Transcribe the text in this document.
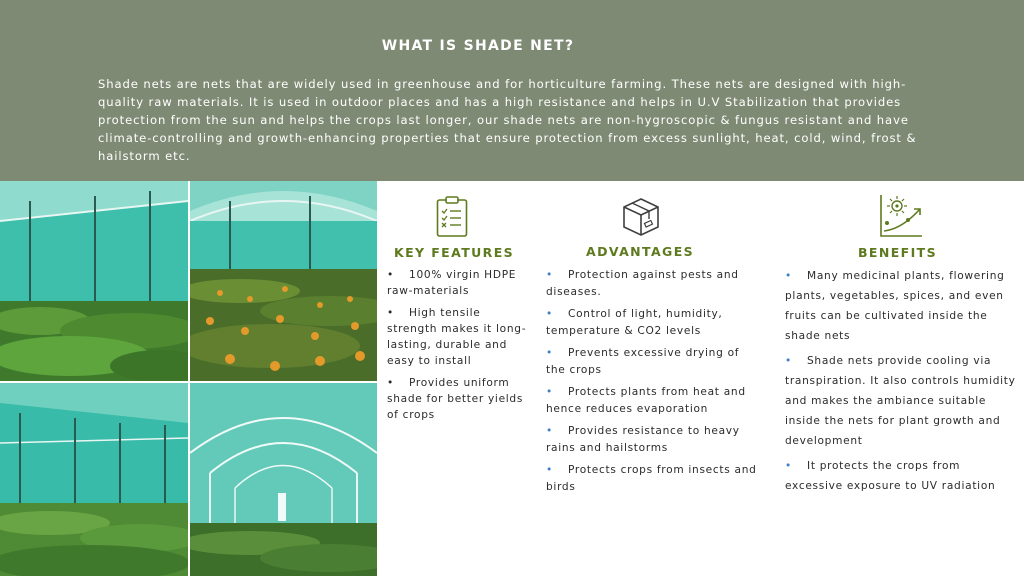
WHAT IS SHADE NET?

Shade nets are nets that are widely used in greenhouse and for horticulture farming. These nets are designed with high-quality raw materials. It is used in outdoor places and has a high resistance and helps in U.V Stabilization that provides protection from the sun and helps the crops last longer, our shade nets are non-hygroscopic & fungus resistant and have climate-controlling and growth-enhancing properties that ensure protection from excess sunlight, heat, cold, wind, frost & hailstorm etc.

KEY FEATURES
• 100% virgin HDPE raw-materials
• High tensile strength makes it long-lasting, durable and easy to install
• Provides uniform shade for better yields of crops
ADVANTAGES
• Protection against pests and diseases.
• Control of light, humidity, temperature & CO2 levels
• Prevents excessive drying of the crops
• Protects plants from heat and hence reduces evaporation
• Provides resistance to heavy rains and hailstorms
• Protects crops from insects and birds
BENEFITS
• Many medicinal plants, flowering plants, vegetables, spices, and even fruits can be cultivated inside the shade nets
• Shade nets provide cooling via transpiration. It also controls humidity and makes the ambiance suitable inside the nets for plant growth and development
• It protects the crops from excessive exposure to UV radiation
